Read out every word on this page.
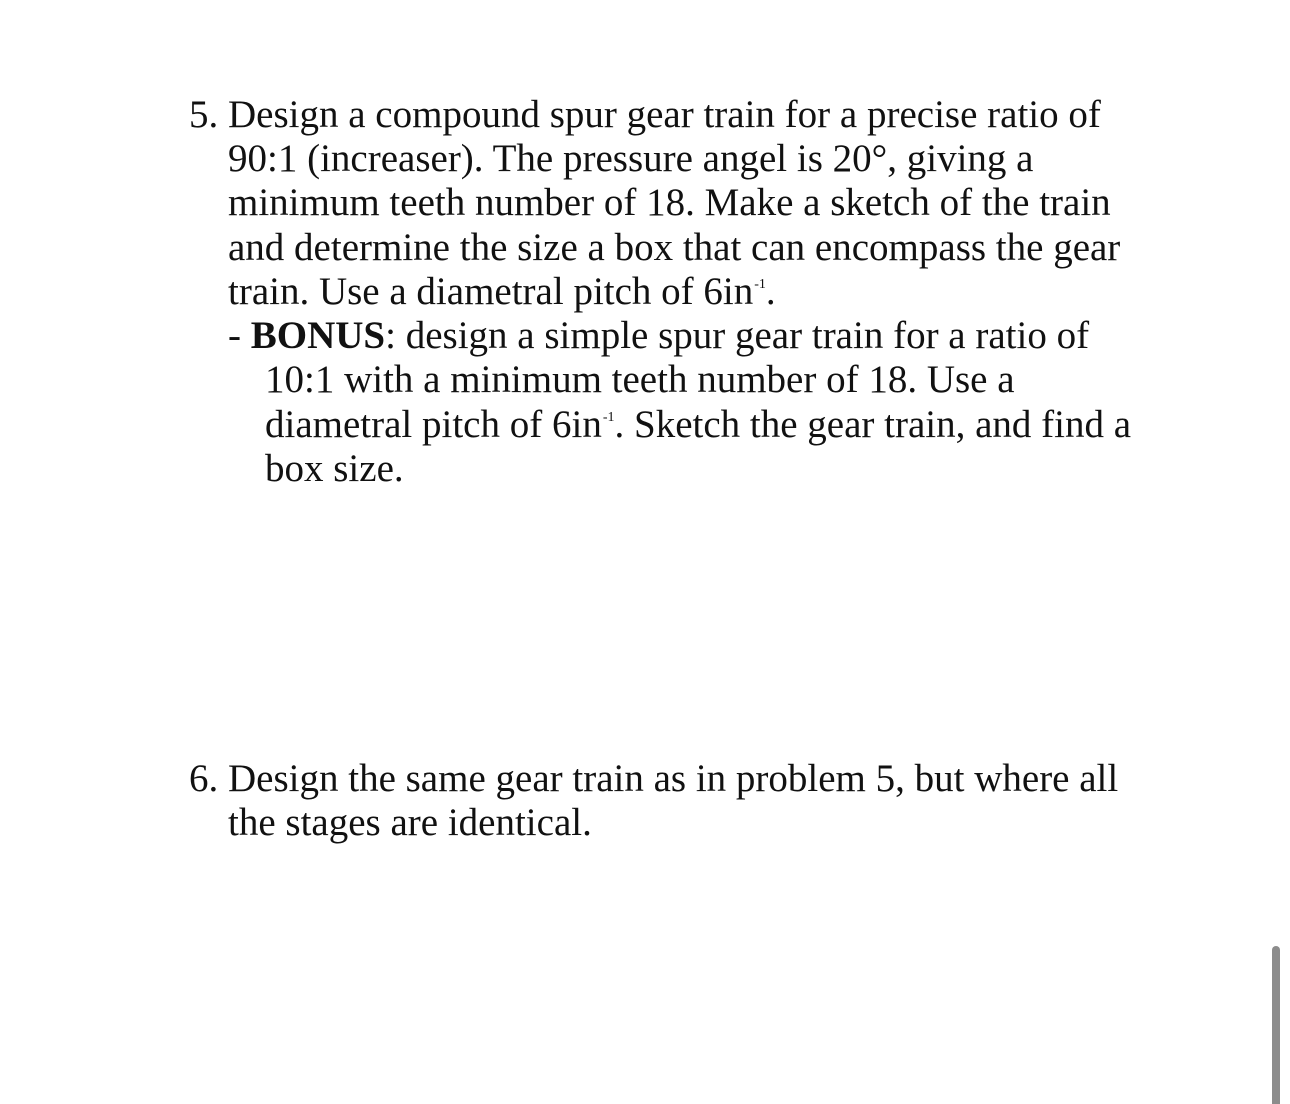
5. Design a compound spur gear train for a precise ratio of
90:1 (increaser). The pressure angel is 20°, giving a
minimum teeth number of 18. Make a sketch of the train
and determine the size a box that can encompass the gear
train. Use a diametral pitch of $6in^{-1}$.
- BONUS: design a simple spur gear train for a ratio of
10:1 with a minimum teeth number of 18. Use a
diametral pitch of $6in^{-1}$. Sketch the gear train, and find a
box size.
6. Design the same gear train as in problem 5, but where all
the stages are identical.
